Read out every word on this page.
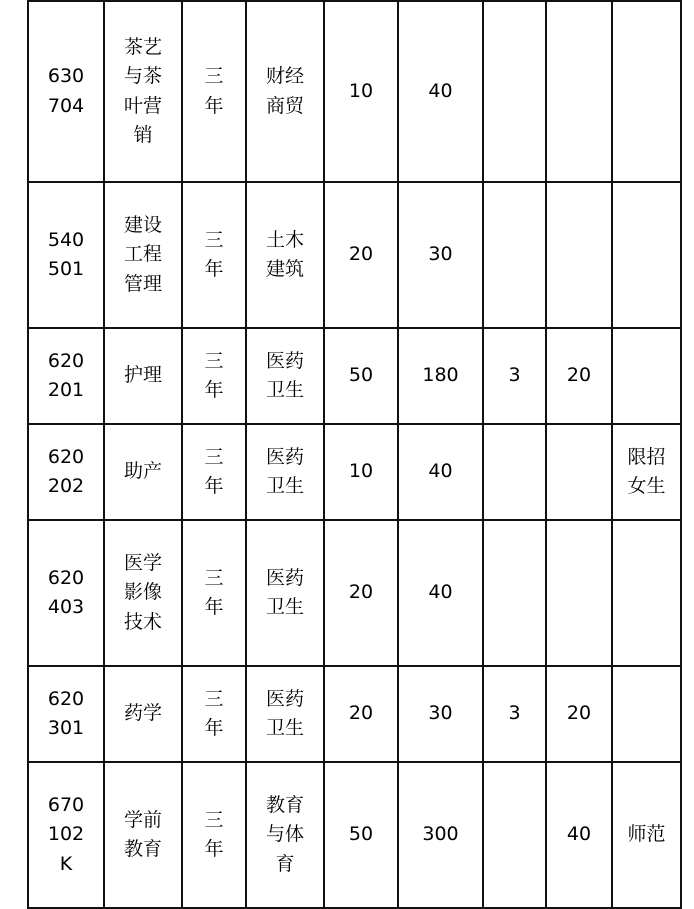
630
704	茶艺
与茶
叶营
销	三
年	财经
商贸	10	40			

540
501	建设
工程
管理	三
年	土木
建筑	20	30			

620
201	护理	三
年	医药
卫生	50	180	3	20	

620
202	助产	三
年	医药
卫生	10	40			限招
女生

620
403	医学
影像
技术	三
年	医药
卫生	20	40			

620
301	药学	三
年	医药
卫生	20	30	3	20	

670
102
K	学前
教育	三
年	教育
与体
育	50	300		40	师范
